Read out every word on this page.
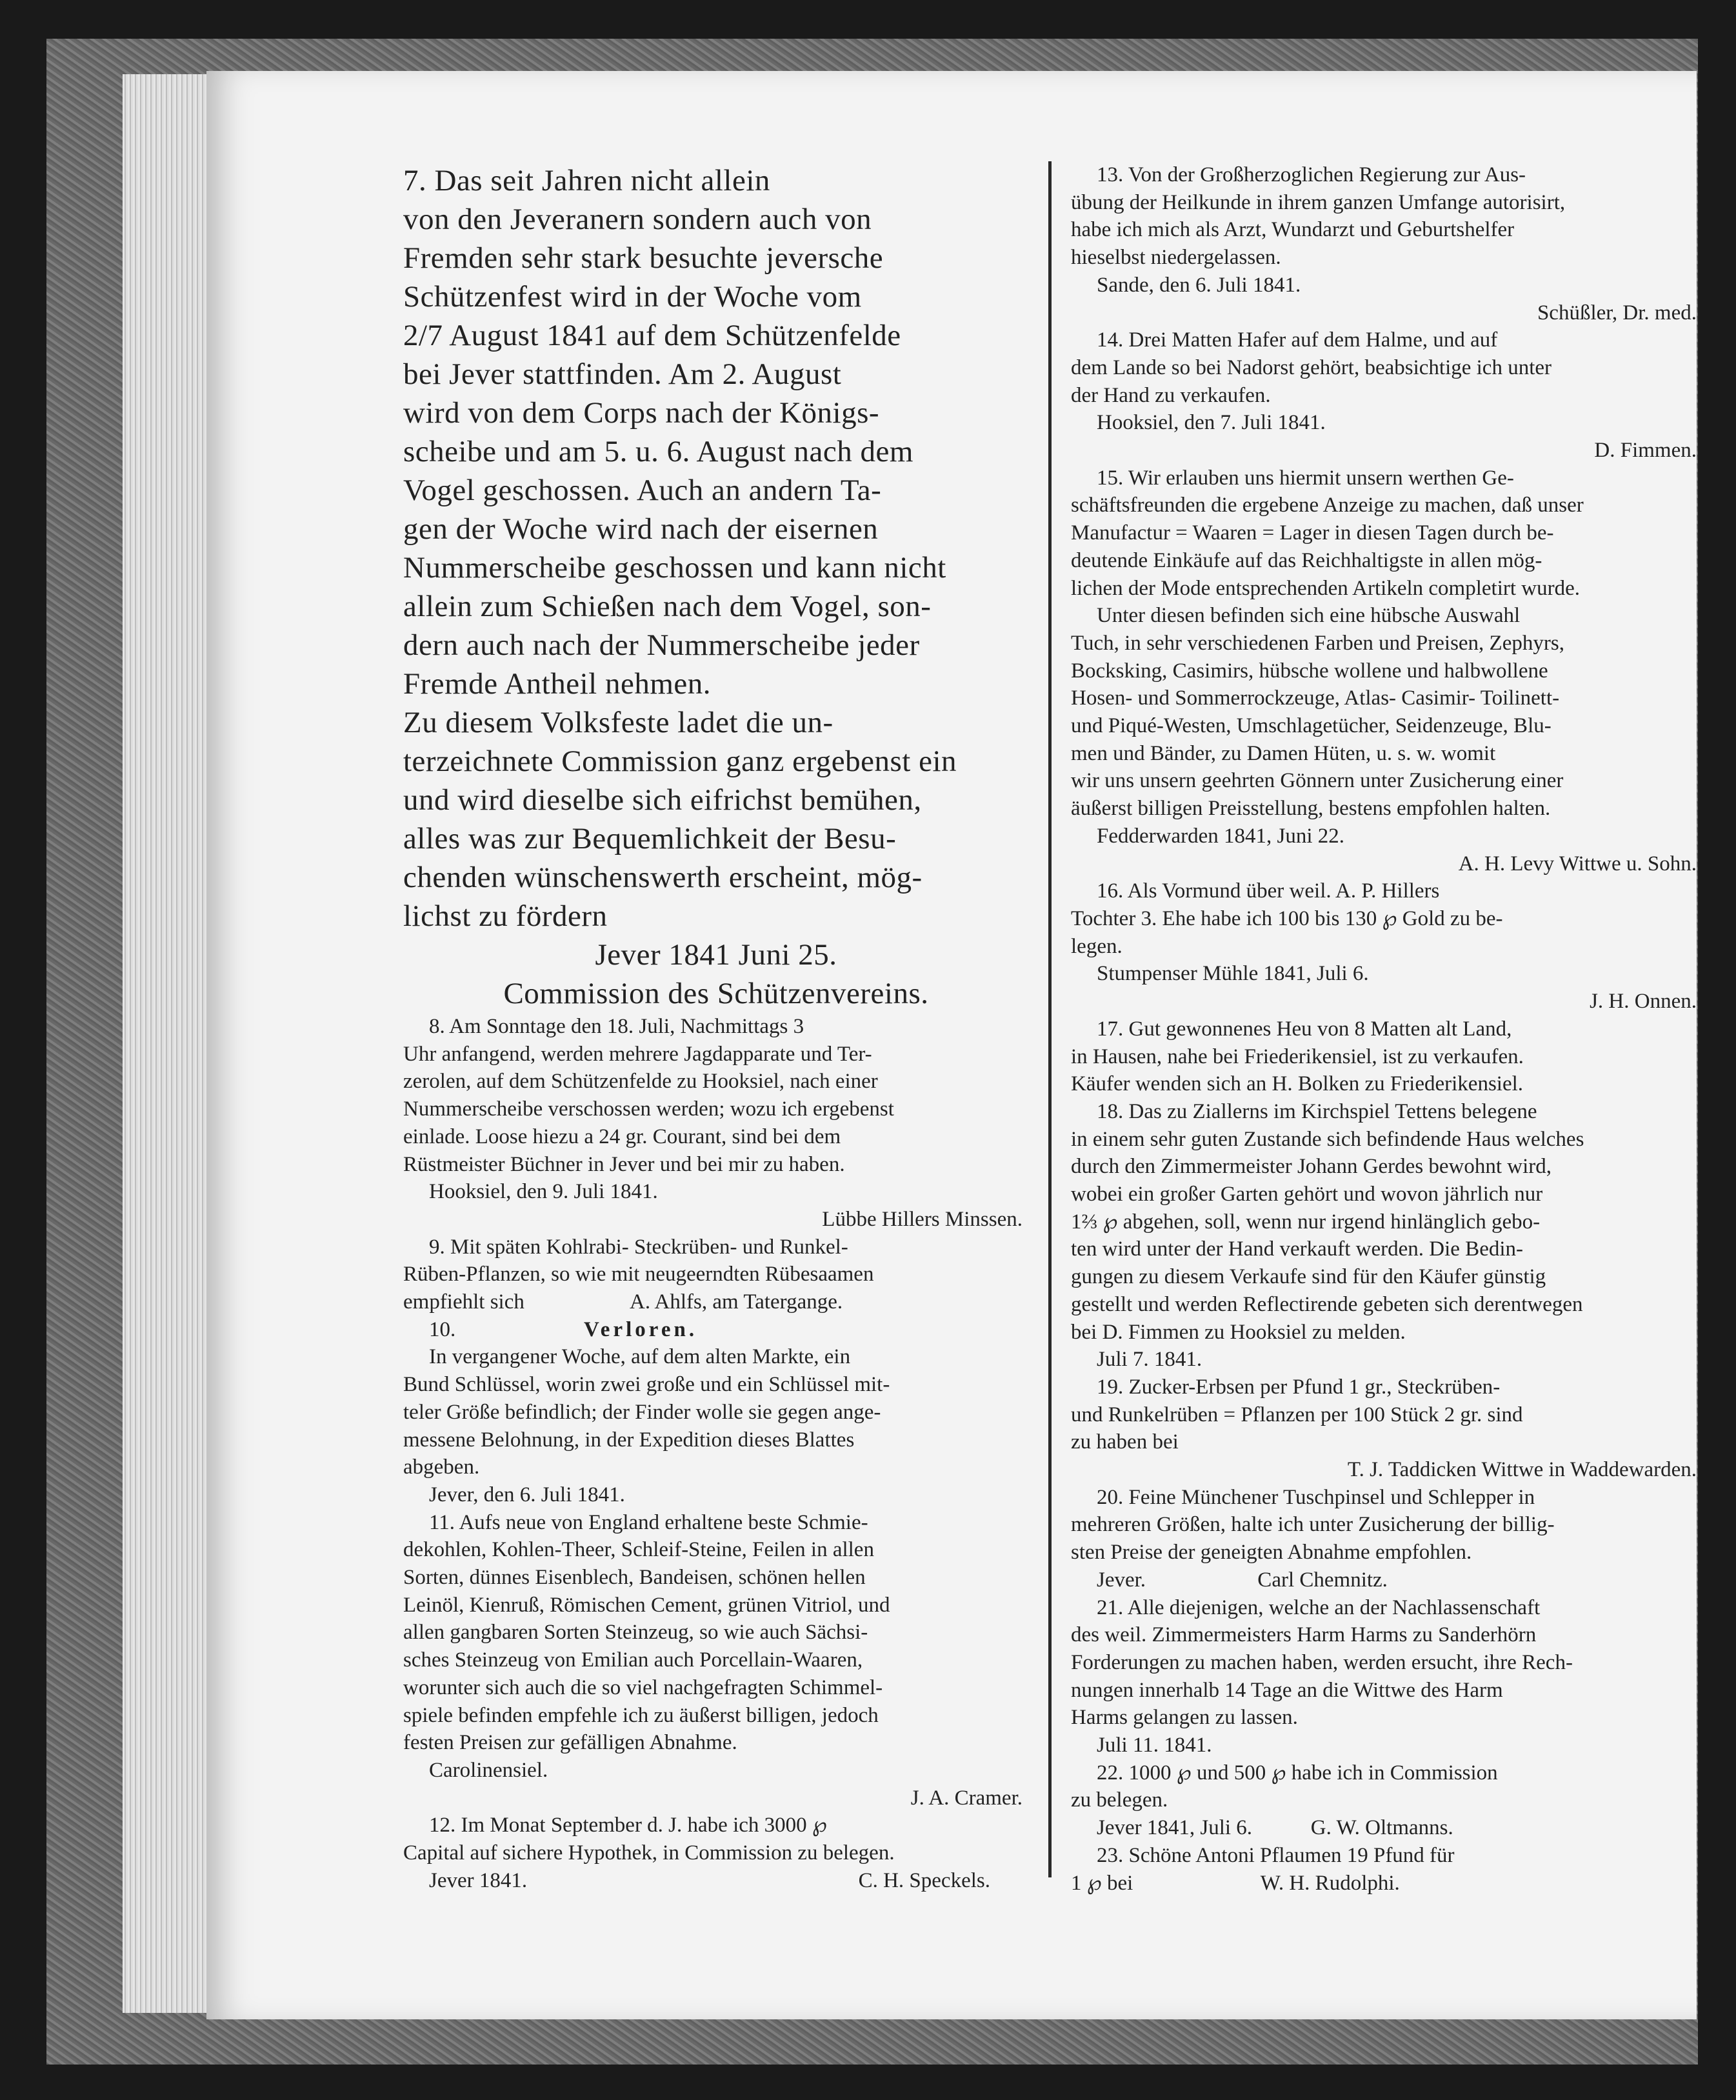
7. Das seit Jahren nicht allein

von den Jeveranern sondern auch von

Fremden sehr stark besuchte jeversche

Schützenfest wird in der Woche vom

2/7 August 1841 auf dem Schützenfelde

bei Jever stattfinden. Am 2. August

wird von dem Corps nach der Königs-

scheibe und am 5. u. 6. August nach dem

Vogel geschossen. Auch an andern Ta-

gen der Woche wird nach der eisernen

Nummerscheibe geschossen und kann nicht

allein zum Schießen nach dem Vogel, son-

dern auch nach der Nummerscheibe jeder

Fremde Antheil nehmen.

Zu diesem Volksfeste ladet die un-

terzeichnete Commission ganz ergebenst ein

und wird dieselbe sich eifrichst bemühen,

alles was zur Bequemlichkeit der Besu-

chenden wünschenswerth erscheint, mög-

lichst zu fördern

Jever 1841 Juni 25.

Commission des Schützenvereins.

8. Am Sonntage den 18. Juli, Nachmittags 3

Uhr anfangend, werden mehrere Jagdapparate und Ter-

zerolen, auf dem Schützenfelde zu Hooksiel, nach einer

Nummerscheibe verschossen werden; wozu ich ergebenst

einlade. Loose hiezu a 24 gr. Courant, sind bei dem

Rüstmeister Büchner in Jever und bei mir zu haben.

Hooksiel, den 9. Juli 1841.

Lübbe Hillers Minssen.

9. Mit späten Kohlrabi- Steckrüben- und Runkel-

Rüben-Pflanzen, so wie mit neugeerndten Rübesaamen

empfiehlt sich                    A. Ahlfs, am Tatergange.

10.	Verloren.

In vergangener Woche, auf dem alten Markte, ein

Bund Schlüssel, worin zwei große und ein Schlüssel mit-

teler Größe befindlich; der Finder wolle sie gegen ange-

messene Belohnung, in der Expedition dieses Blattes

abgeben.

Jever, den 6. Juli 1841.

11. Aufs neue von England erhaltene beste Schmie-

dekohlen, Kohlen-Theer, Schleif-Steine, Feilen in allen

Sorten, dünnes Eisenblech, Bandeisen, schönen hellen

Leinöl, Kienruß, Römischen Cement, grünen Vitriol, und

allen gangbaren Sorten Steinzeug, so wie auch Sächsi-

sches Steinzeug von Emilian auch Porcellain-Waaren,

worunter sich auch die so viel nachgefragten Schimmel-

spiele befinden empfehle ich zu äußerst billigen, jedoch

festen Preisen zur gefälligen Abnahme.

Carolinensiel.

J. A. Cramer.

12. Im Monat September d. J. habe ich 3000 ℘

Capital auf sichere Hypothek, in Commission zu belegen.

Jever 1841.	C. H. Speckels.

13. Von der Großherzoglichen Regierung zur Aus-

übung der Heilkunde in ihrem ganzen Umfange autorisirt,

habe ich mich als Arzt, Wundarzt und Geburtshelfer

hieselbst niedergelassen.

Sande, den 6. Juli 1841.

Schüßler, Dr. med.

14. Drei Matten Hafer auf dem Halme, und auf

dem Lande so bei Nadorst gehört, beabsichtige ich unter

der Hand zu verkaufen.

Hooksiel, den 7. Juli 1841.

D. Fimmen.

15. Wir erlauben uns hiermit unsern werthen Ge-

schäftsfreunden die ergebene Anzeige zu machen, daß unser

Manufactur = Waaren = Lager in diesen Tagen durch be-

deutende Einkäufe auf das Reichhaltigste in allen mög-

lichen der Mode entsprechenden Artikeln completirt wurde.

Unter diesen befinden sich eine hübsche Auswahl

Tuch, in sehr verschiedenen Farben und Preisen, Zephyrs,

Bocksking, Casimirs, hübsche wollene und halbwollene

Hosen- und Sommerrockzeuge, Atlas- Casimir- Toilinett-

und Piqué-Westen, Umschlagetücher, Seidenzeuge, Blu-

men und Bänder, zu Damen Hüten, u. s. w. womit

wir uns unsern geehrten Gönnern unter Zusicherung einer

äußerst billigen Preisstellung, bestens empfohlen halten.

Fedderwarden 1841, Juni 22.

A. H. Levy Wittwe u. Sohn.

16. Als Vormund über weil. A. P. Hillers

Tochter 3. Ehe habe ich 100 bis 130 ℘ Gold zu be-

legen.

Stumpenser Mühle 1841, Juli 6.

J. H. Onnen.

17. Gut gewonnenes Heu von 8 Matten alt Land,

in Hausen, nahe bei Friederikensiel, ist zu verkaufen.

Käufer wenden sich an H. Bolken zu Friederikensiel.

18. Das zu Ziallerns im Kirchspiel Tettens belegene

in einem sehr guten Zustande sich befindende Haus welches

durch den Zimmermeister Johann Gerdes bewohnt wird,

wobei ein großer Garten gehört und wovon jährlich nur

1⅔ ℘ abgehen, soll, wenn nur irgend hinlänglich gebo-

ten wird unter der Hand verkauft werden. Die Bedin-

gungen zu diesem Verkaufe sind für den Käufer günstig

gestellt und werden Reflectirende gebeten sich derentwegen

bei D. Fimmen zu Hooksiel zu melden.

Juli 7. 1841.

19. Zucker-Erbsen per Pfund 1 gr., Steckrüben-

und Runkelrüben = Pflanzen per 100 Stück 2 gr. sind

zu haben bei

T. J. Taddicken Wittwe in Waddewarden.

20. Feine Münchener Tuschpinsel und Schlepper in

mehreren Größen, halte ich unter Zusicherung der billig-

sten Preise der geneigten Abnahme empfohlen.

Jever.                     Carl Chemnitz.

21. Alle diejenigen, welche an der Nachlassenschaft

des weil. Zimmermeisters Harm Harms zu Sanderhörn

Forderungen zu machen haben, werden ersucht, ihre Rech-

nungen innerhalb 14 Tage an die Wittwe des Harm

Harms gelangen zu lassen.

Juli 11. 1841.

22. 1000 ℘ und 500 ℘ habe ich in Commission

zu belegen.

Jever 1841, Juli 6.           G. W. Oltmanns.

23. Schöne Antoni Pflaumen 19 Pfund für

1 ℘ bei                        W. H. Rudolphi.
